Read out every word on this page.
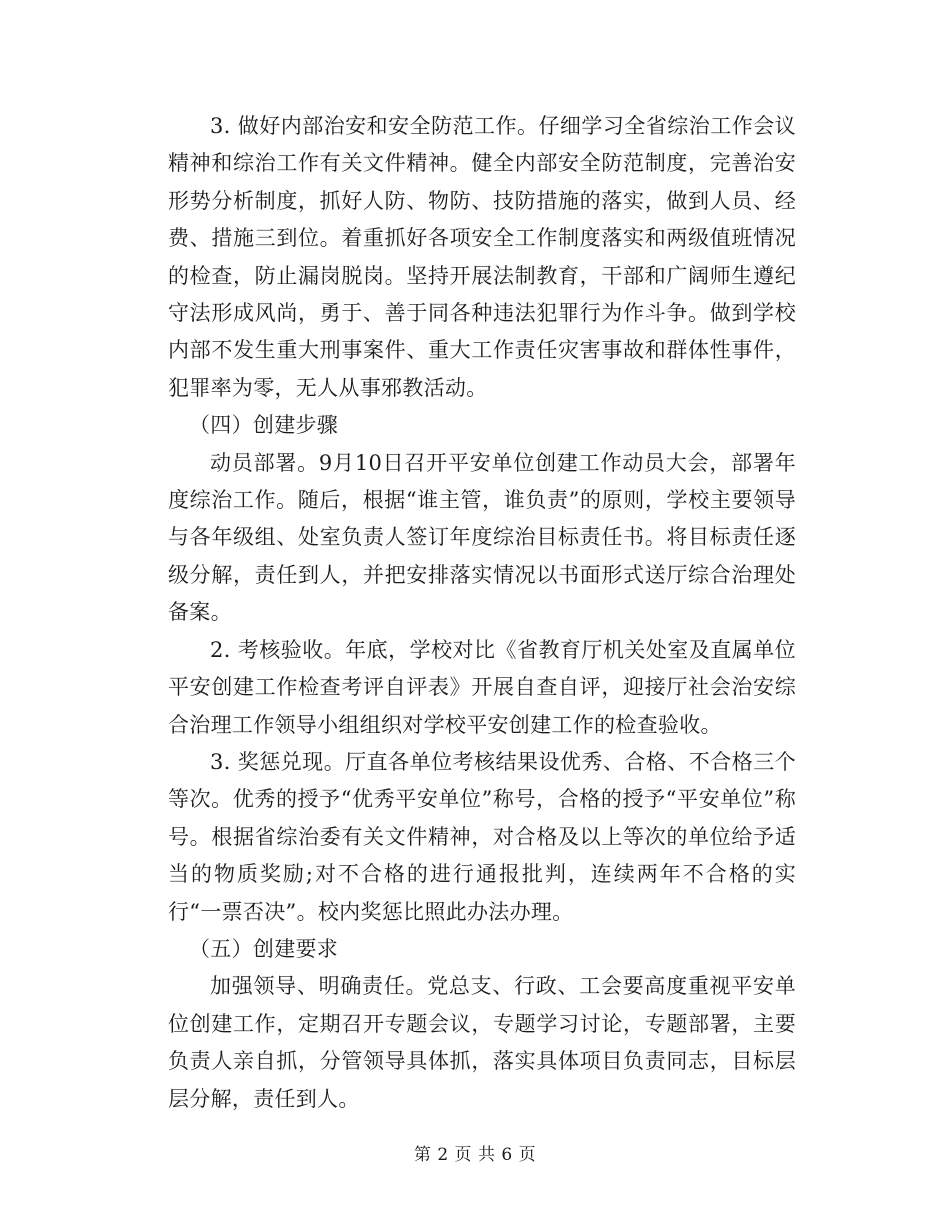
3. 做好内部治安和安全防范工作。仔细学习全省综治工作会议精神和综治工作有关文件精神。健全内部安全防范制度，完善治安形势分析制度，抓好人防、物防、技防措施的落实，做到人员、经费、措施三到位。着重抓好各项安全工作制度落实和两级值班情况的检查，防止漏岗脱岗。坚持开展法制教育，干部和广阔师生遵纪守法形成风尚，勇于、善于同各种违法犯罪行为作斗争。做到学校内部不发生重大刑事案件、重大工作责任灾害事故和群体性事件，犯罪率为零，无人从事邪教活动。

（四）创建步骤

动员部署。9月10日召开平安单位创建工作动员大会，部署年度综治工作。随后，根据“谁主管，谁负责”的原则，学校主要领导与各年级组、处室负责人签订年度综治目标责任书。将目标责任逐级分解，责任到人，并把安排落实情况以书面形式送厅综合治理处备案。

2. 考核验收。年底，学校对比《省教育厅机关处室及直属单位平安创建工作检查考评自评表》开展自查自评，迎接厅社会治安综合治理工作领导小组组织对学校平安创建工作的检查验收。

3. 奖惩兑现。厅直各单位考核结果设优秀、合格、不合格三个等次。优秀的授予“优秀平安单位”称号，合格的授予“平安单位”称号。根据省综治委有关文件精神，对合格及以上等次的单位给予适当的物质奖励;对不合格的进行通报批判，连续两年不合格的实行“一票否决”。校内奖惩比照此办法办理。

（五）创建要求

加强领导、明确责任。党总支、行政、工会要高度重视平安单位创建工作，定期召开专题会议，专题学习讨论，专题部署，主要负责人亲自抓，分管领导具体抓，落实具体项目负责同志，目标层层分解，责任到人。

第 2 页 共 6 页
